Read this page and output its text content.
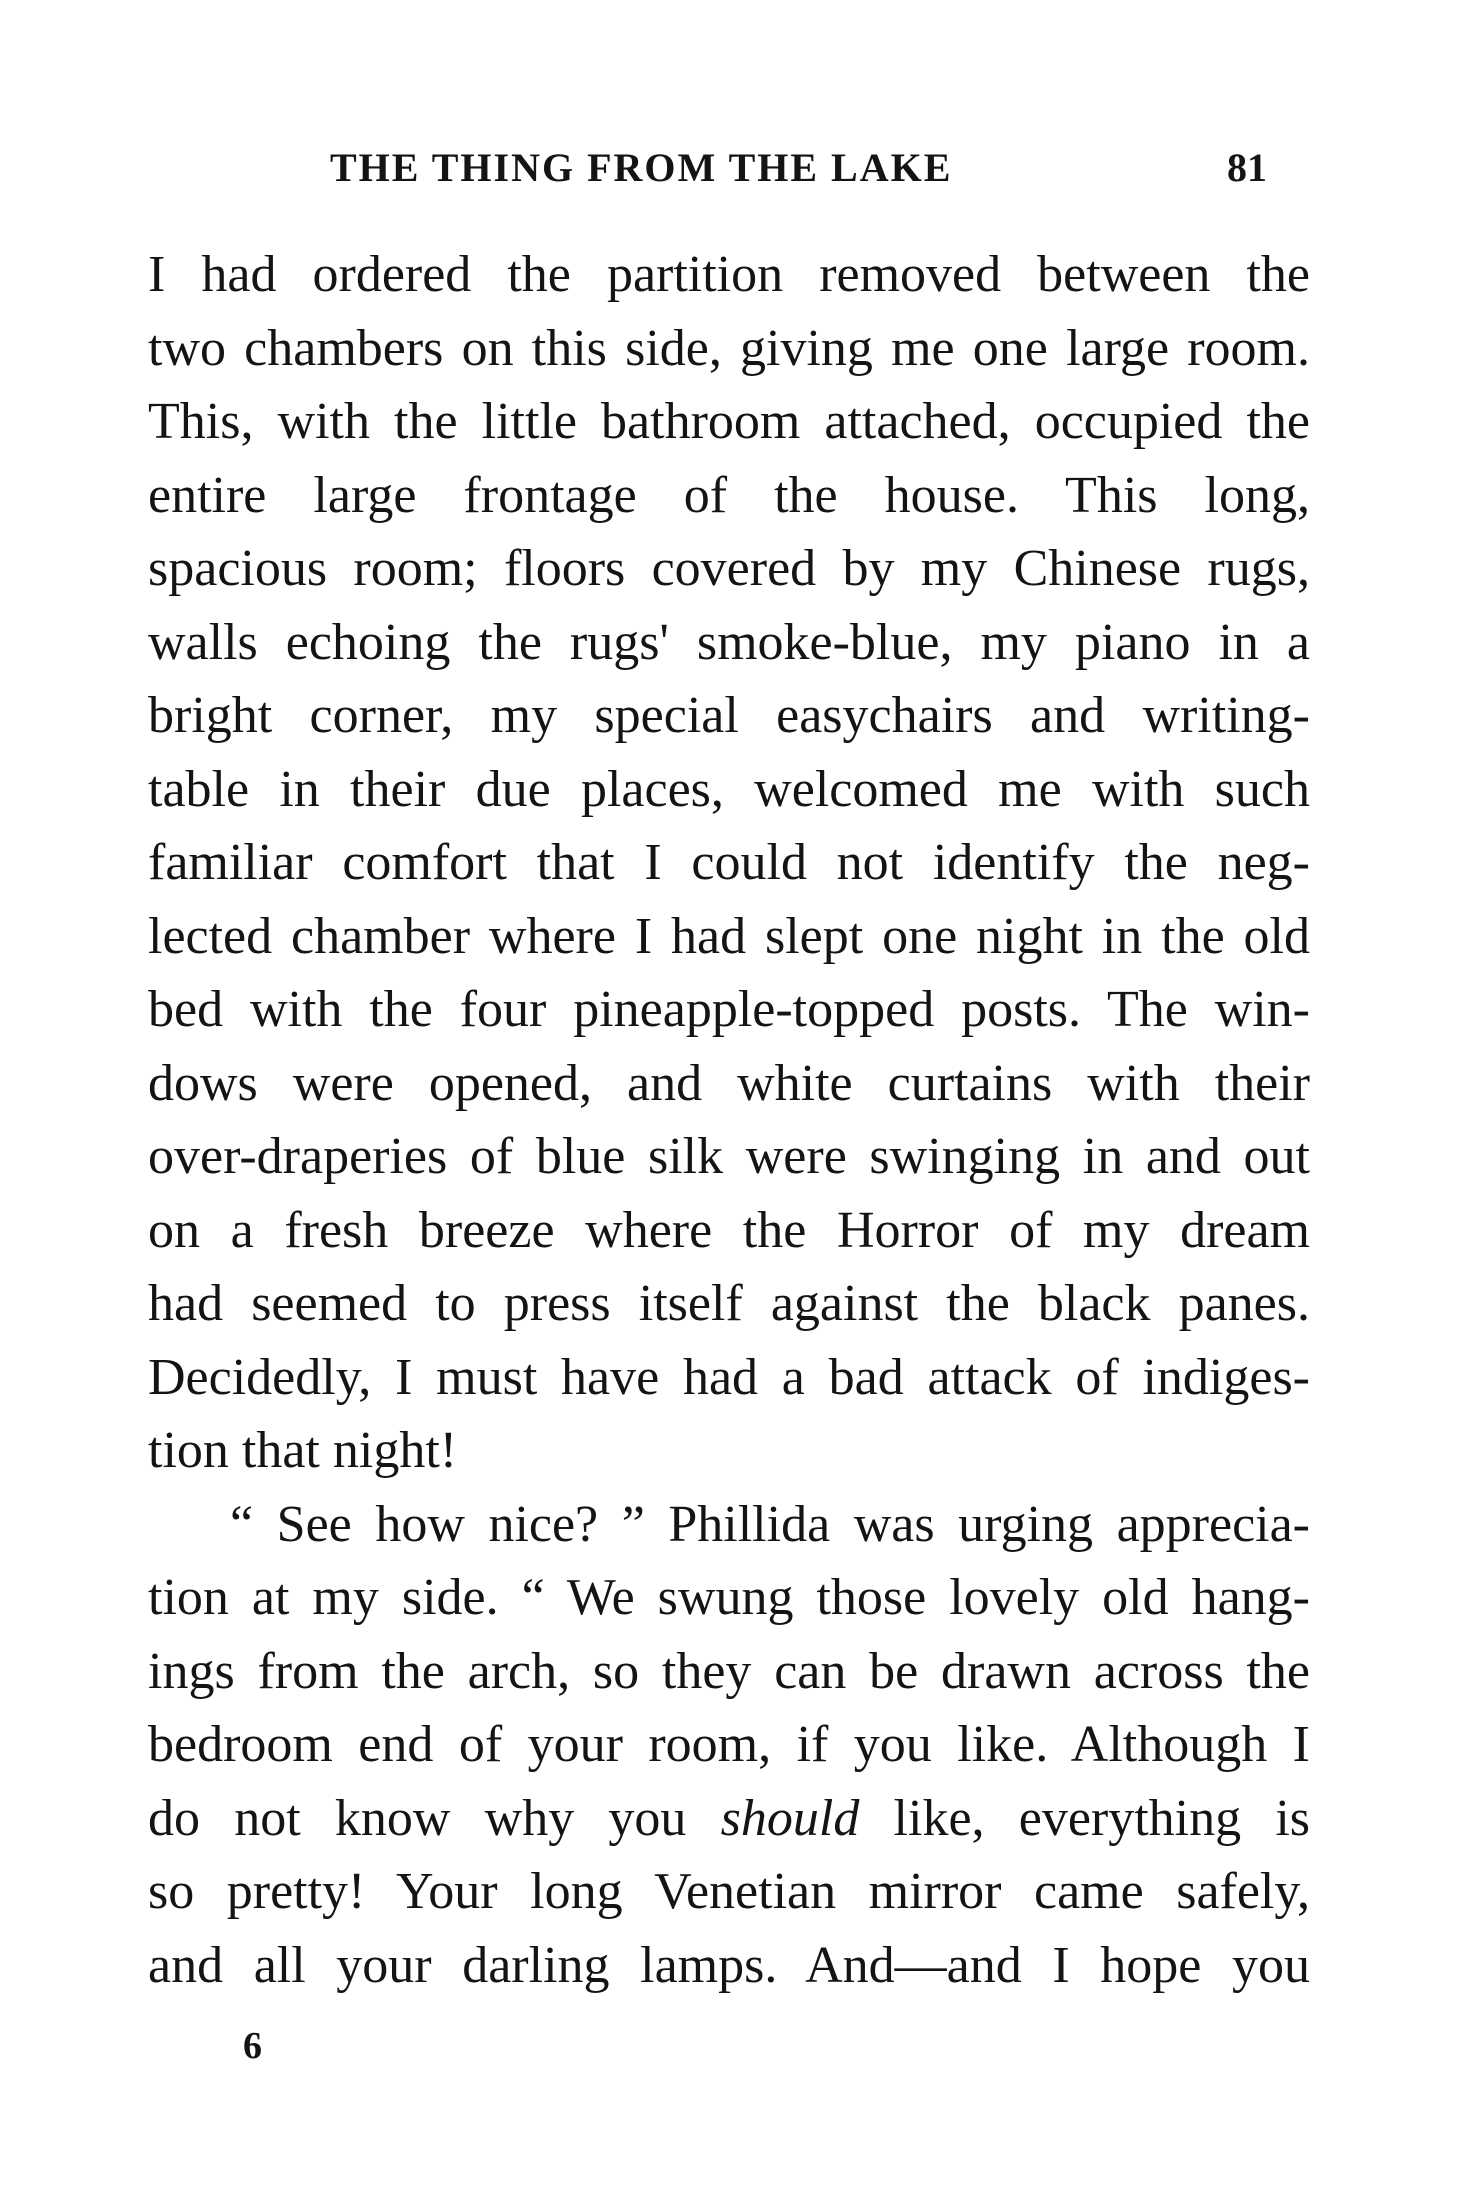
THE THING FROM THE LAKE	81
I had ordered the partition removed between the
two chambers on this side, giving me one large room.
This, with the little bathroom attached, occupied the
entire large frontage of the house. This long,
spacious room; floors covered by my Chinese rugs,
walls echoing the rugs' smoke-blue, my piano in a
bright corner, my special easychairs and writing-
table in their due places, welcomed me with such
familiar comfort that I could not identify the neg-
lected chamber where I had slept one night in the old
bed with the four pineapple-topped posts. The win-
dows were opened, and white curtains with their
over-draperies of blue silk were swinging in and out
on a fresh breeze where the Horror of my dream
had seemed to press itself against the black panes.
Decidedly, I must have had a bad attack of indiges-
tion that night!
“ See how nice? ” Phillida was urging apprecia-
tion at my side. “ We swung those lovely old hang-
ings from the arch, so they can be drawn across the
bedroom end of your room, if you like. Although I
do not know why you should like, everything is
so pretty! Your long Venetian mirror came safely,
and all your darling lamps. And—and I hope you
6
